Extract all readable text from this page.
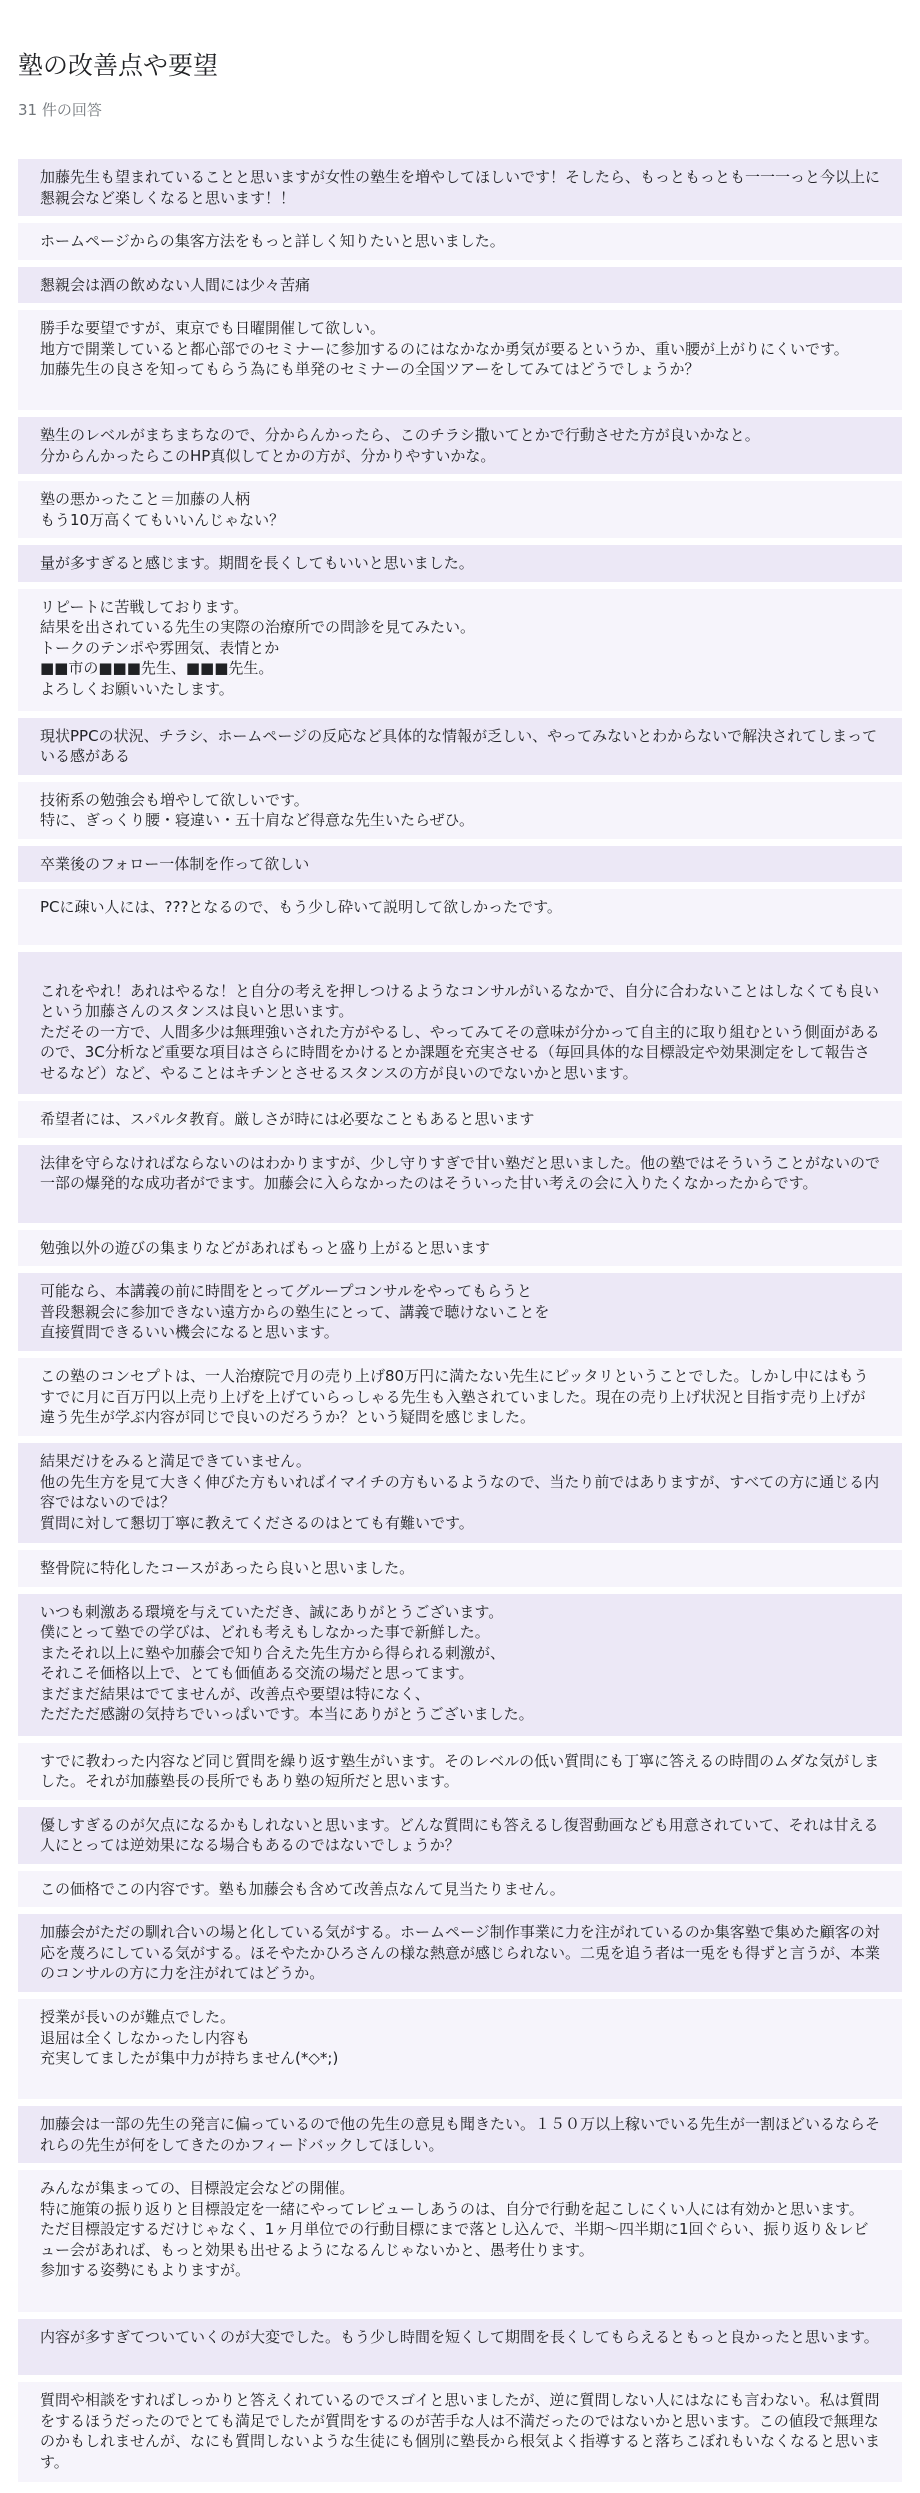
塾の改善点や要望
31 件の回答
加藤先生も望まれていることと思いますが女性の塾生を増やしてほしいです！そしたら、もっともっとも一一一っと今以上に懇親会など楽しくなると思います！！
ホームページからの集客方法をもっと詳しく知りたいと思いました。
懇親会は酒の飲めない人間には少々苦痛
勝手な要望ですが、東京でも日曜開催して欲しい。
地方で開業していると都心部でのセミナーに参加するのにはなかなか勇気が要るというか、重い腰が上がりにくいです。
加藤先生の良さを知ってもらう為にも単発のセミナーの全国ツアーをしてみてはどうでしょうか？
塾生のレベルがまちまちなので、分からんかったら、このチラシ撒いてとかで行動させた方が良いかなと。
分からんかったらこのHP真似してとかの方が、分かりやすいかな。
塾の悪かったこと＝加藤の人柄
もう10万高くてもいいんじゃない？
量が多すぎると感じます。期間を長くしてもいいと思いました。
リピートに苦戦しております。
結果を出されている先生の実際の治療所での問診を見てみたい。
トークのテンポや雰囲気、表情とか
■■市の■■■先生、■■■先生。
よろしくお願いいたします。
現状PPCの状況、チラシ、ホームページの反応など具体的な情報が乏しい、やってみないとわからないで解決されてしまっている感がある
技術系の勉強会も増やして欲しいです。
特に、ぎっくり腰・寝違い・五十肩など得意な先生いたらぜひ。
卒業後のフォロー一体制を作って欲しい
PCに疎い人には、???となるので、もう少し砕いて説明して欲しかったです。

これをやれ！あれはやるな！と自分の考えを押しつけるようなコンサルがいるなかで、自分に合わないことはしなくても良いという加藤さんのスタンスは良いと思います。
ただその一方で、人間多少は無理強いされた方がやるし、やってみてその意味が分かって自主的に取り組むという側面があるので、3C分析など重要な項目はさらに時間をかけるとか課題を充実させる（毎回具体的な目標設定や効果測定をして報告させるなど）など、やることはキチンとさせるスタンスの方が良いのでないかと思います。
希望者には、スパルタ教育。厳しさが時には必要なこともあると思います
法律を守らなければならないのはわかりますが、少し守りすぎで甘い塾だと思いました。他の塾ではそういうことがないので一部の爆発的な成功者がでます。加藤会に入らなかったのはそういった甘い考えの会に入りたくなかったからです。
勉強以外の遊びの集まりなどがあればもっと盛り上がると思います
可能なら、本講義の前に時間をとってグループコンサルをやってもらうと
普段懇親会に参加できない遠方からの塾生にとって、講義で聴けないことを
直接質問できるいい機会になると思います。
この塾のコンセプトは、一人治療院で月の売り上げ80万円に満たない先生にピッタリということでした。しかし中にはもうすでに月に百万円以上売り上げを上げていらっしゃる先生も入塾されていました。現在の売り上げ状況と目指す売り上げが違う先生が学ぶ内容が同じで良いのだろうか？という疑問を感じました。
結果だけをみると満足できていません。
他の先生方を見て大きく伸びた方もいればイマイチの方もいるようなので、当たり前ではありますが、すべての方に通じる内容ではないのでは？
質問に対して懇切丁寧に教えてくださるのはとても有難いです。
整骨院に特化したコースがあったら良いと思いました。
いつも刺激ある環境を与えていただき、誠にありがとうございます。
僕にとって塾での学びは、どれも考えもしなかった事で新鮮した。
またそれ以上に塾や加藤会で知り合えた先生方から得られる刺激が、
それこそ価格以上で、とても価値ある交流の場だと思ってます。
まだまだ結果はでてませんが、改善点や要望は特になく、
ただただ感謝の気持ちでいっぱいです。本当にありがとうございました。
すでに教わった内容など同じ質問を繰り返す塾生がいます。そのレベルの低い質問にも丁寧に答えるの時間のムダな気がしました。それが加藤塾長の長所でもあり塾の短所だと思います。
優しすぎるのが欠点になるかもしれないと思います。どんな質問にも答えるし復習動画なども用意されていて、それは甘える人にとっては逆効果になる場合もあるのではないでしょうか？
この価格でこの内容です。塾も加藤会も含めて改善点なんて見当たりません。
加藤会がただの馴れ合いの場と化している気がする。ホームページ制作事業に力を注がれているのか集客塾で集めた顧客の対応を蔑ろにしている気がする。ほそやたかひろさんの様な熱意が感じられない。二兎を追う者は一兎をも得ずと言うが、本業のコンサルの方に力を注がれてはどうか。
授業が長いのが難点でした。
退屈は全くしなかったし内容も
充実してましたが集中力が持ちません(*◇*;)

加藤会は一部の先生の発言に偏っているので他の先生の意見も聞きたい。１５０万以上稼いでいる先生が一割ほどいるならそれらの先生が何をしてきたのかフィードバックしてほしい。
みんなが集まっての、目標設定会などの開催。
特に施策の振り返りと目標設定を一緒にやってレビューしあうのは、自分で行動を起こしにくい人には有効かと思います。
ただ目標設定するだけじゃなく、1ヶ月単位での行動目標にまで落とし込んで、半期〜四半期に1回ぐらい、振り返り＆レビュー会があれば、もっと効果も出せるようになるんじゃないかと、愚考仕ります。
参加する姿勢にもよりますが。
内容が多すぎてついていくのが大変でした。もう少し時間を短くして期間を長くしてもらえるともっと良かったと思います。
質問や相談をすればしっかりと答えくれているのでスゴイと思いましたが、逆に質問しない人にはなにも言わない。私は質問をするほうだったのでとても満足でしたが質問をするのが苦手な人は不満だったのではないかと思います。この値段で無理なのかもしれませんが、なにも質問しないような生徒にも個別に塾長から根気よく指導すると落ちこぼれもいなくなると思います。
